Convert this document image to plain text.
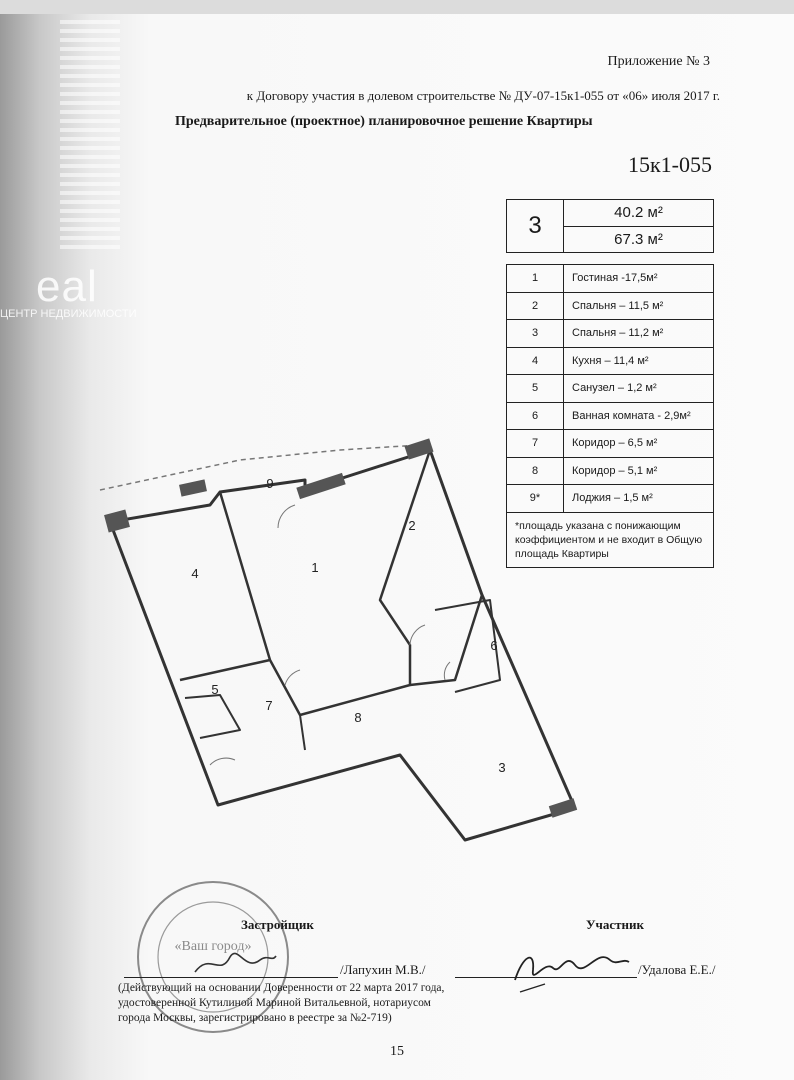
eal
ЦЕНТР НЕДВИЖИМОСТИ
Приложение № 3
к Договору участия в долевом строительстве № ДУ-07-15к1-055 от «06» июля 2017 г.
Предварительное (проектное) планировочное решение Квартиры
15к1-055
3	40.2 м²
67.3 м²
1	Гостиная -17,5м²
2	Спальня – 11,5 м²
3	Спальня – 11,2 м²
4	Кухня – 11,4 м²
5	Санузел – 1,2 м²
6	Ванная комната - 2,9м²
7	Коридор – 6,5 м²
8	Коридор – 5,1 м²
9*	Лоджия – 1,5 м²
*площадь указана с понижающим коэффициентом и не входит в Общую площадь Квартиры
4	1
2
9
6
5
7
8
3
«Ваш город»
Застройщик
/Лапухин М.В./
(Действующий на основании Доверенности от 22 марта 2017 года, удостоверенной Кутилиной Мариной Витальевной, нотариусом города Москвы, зарегистрировано в реестре за №2-719)
Участник
/Удалова Е.Е./
15
